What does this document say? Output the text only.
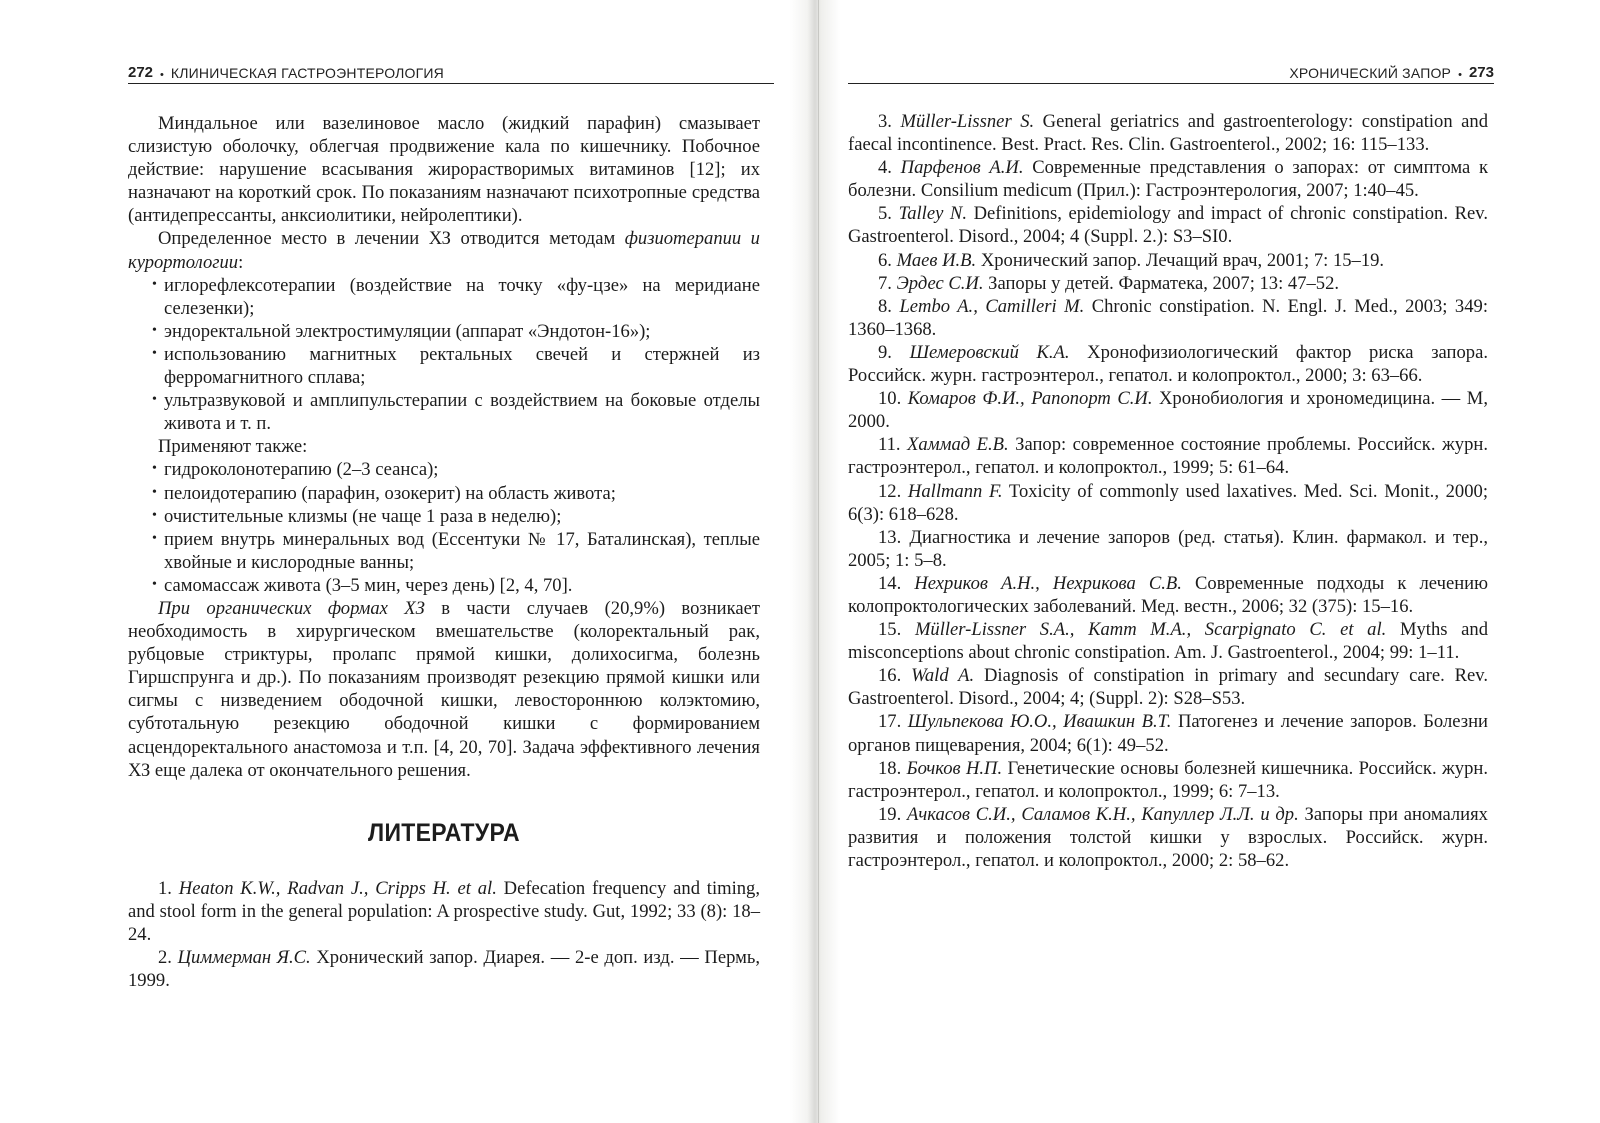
272 • КЛИНИЧЕСКАЯ ГАСТРОЭНТЕРОЛОГИЯ

Миндальное или вазелиновое масло (жидкий парафин) смазывает слизистую оболочку, облегчая продвижение кала по кишечнику. Побочное действие: нарушение всасывания жирорастворимых витаминов [12]; их назначают на короткий срок. По показаниям назначают психотропные средства (антидепрессанты, анксиолитики, нейролептики).

Определенное место в лечении ХЗ отводится методам физиотерапии и курортологии:

• иглорефлексотерапии (воздействие на точку «фу-цзе» на меридиане селезенки);
• эндоректальной электростимуляции (аппарат «Эндотон-16»);
• использованию магнитных ректальных свечей и стержней из ферромагнитного сплава;
• ультразвуковой и амплипульстерапии с воздействием на боковые отделы живота и т. п.

Применяют также:

• гидроколонотерапию (2–3 сеанса);
• пелоидотерапию (парафин, озокерит) на область живота;
• очистительные клизмы (не чаще 1 раза в неделю);
• прием внутрь минеральных вод (Ессентуки № 17, Баталинская), теплые хвойные и кислородные ванны;
• самомассаж живота (3–5 мин, через день) [2, 4, 70].

При органических формах ХЗ в части случаев (20,9%) возникает необходимость в хирургическом вмешательстве (колоректальный рак, рубцовые стриктуры, пролапс прямой кишки, долихосигма, болезнь Гиршспрунга и др.). По показаниям производят резекцию прямой кишки или сигмы с низведением ободочной кишки, левостороннюю колэктомию, субтотальную резекцию ободочной кишки с формированием асцендоректального анастомоза и т.п. [4, 20, 70]. Задача эффективного лечения ХЗ еще далека от окончательного решения.

ЛИТЕРАТУРА

1. Heaton K.W., Radvan J., Cripps H. et al. Defecation frequency and timing, and stool form in the general population: A prospective study. Gut, 1992; 33 (8): 18–24.

2. Циммерман Я.С. Хронический запор. Диарея. — 2-е доп. изд. — Пермь, 1999.

ХРОНИЧЕСКИЙ ЗАПОР • 273

3. Müller-Lissner S. General geriatrics and gastroenterology: constipation and faecal incontinence. Best. Pract. Res. Clin. Gastroenterol., 2002; 16: 115–133.

4. Парфенов А.И. Современные представления о запорах: от симптома к болезни. Consilium medicum (Прил.): Гастроэнтерология, 2007; 1:40–45.

5. Talley N. Definitions, epidemiology and impact of chronic constipation. Rev. Gastroenterol. Disord., 2004; 4 (Suppl. 2.): S3–SI0.

6. Маев И.В. Хронический запор. Лечащий врач, 2001; 7: 15–19.

7. Эрдес С.И. Запоры у детей. Фарматека, 2007; 13: 47–52.

8. Lembo A., Camilleri M. Chronic constipation. N. Engl. J. Med., 2003; 349: 1360–1368.

9. Шемеровский К.А. Хронофизиологический фактор риска запора. Российск. журн. гастроэнтерол., гепатол. и колопроктол., 2000; 3: 63–66.

10. Комаров Ф.И., Рапопорт С.И. Хронобиология и хрономедицина. — М, 2000.

11. Хаммад Е.В. Запор: современное состояние проблемы. Российск. журн. гастроэнтерол., гепатол. и колопроктол., 1999; 5: 61–64.

12. Hallmann F. Toxicity of commonly used laxatives. Med. Sci. Monit., 2000; 6(3): 618–628.

13. Диагностика и лечение запоров (ред. статья). Клин. фармакол. и тер., 2005; 1: 5–8.

14. Нехриков А.Н., Нехрикова С.В. Современные подходы к лечению колопроктологических заболеваний. Мед. вестн., 2006; 32 (375): 15–16.

15. Müller-Lissner S.A., Kamm M.A., Scarpignato C. et al. Myths and misconceptions about chronic constipation. Am. J. Gastroenterol., 2004; 99: 1–11.

16. Wald A. Diagnosis of constipation in primary and secundary care. Rev. Gastroenterol. Disord., 2004; 4; (Suppl. 2): S28–S53.

17. Шульпекова Ю.О., Ивашкин В.Т. Патогенез и лечение запоров. Болезни органов пищеварения, 2004; 6(1): 49–52.

18. Бочков Н.П. Генетические основы болезней кишечника. Российск. журн. гастроэнтерол., гепатол. и колопроктол., 1999; 6: 7–13.

19. Ачкасов С.И., Саламов К.Н., Капуллер Л.Л. и др. Запоры при аномалиях развития и положения толстой кишки у взрослых. Российск. журн. гастроэнтерол., гепатол. и колопроктол., 2000; 2: 58–62.
